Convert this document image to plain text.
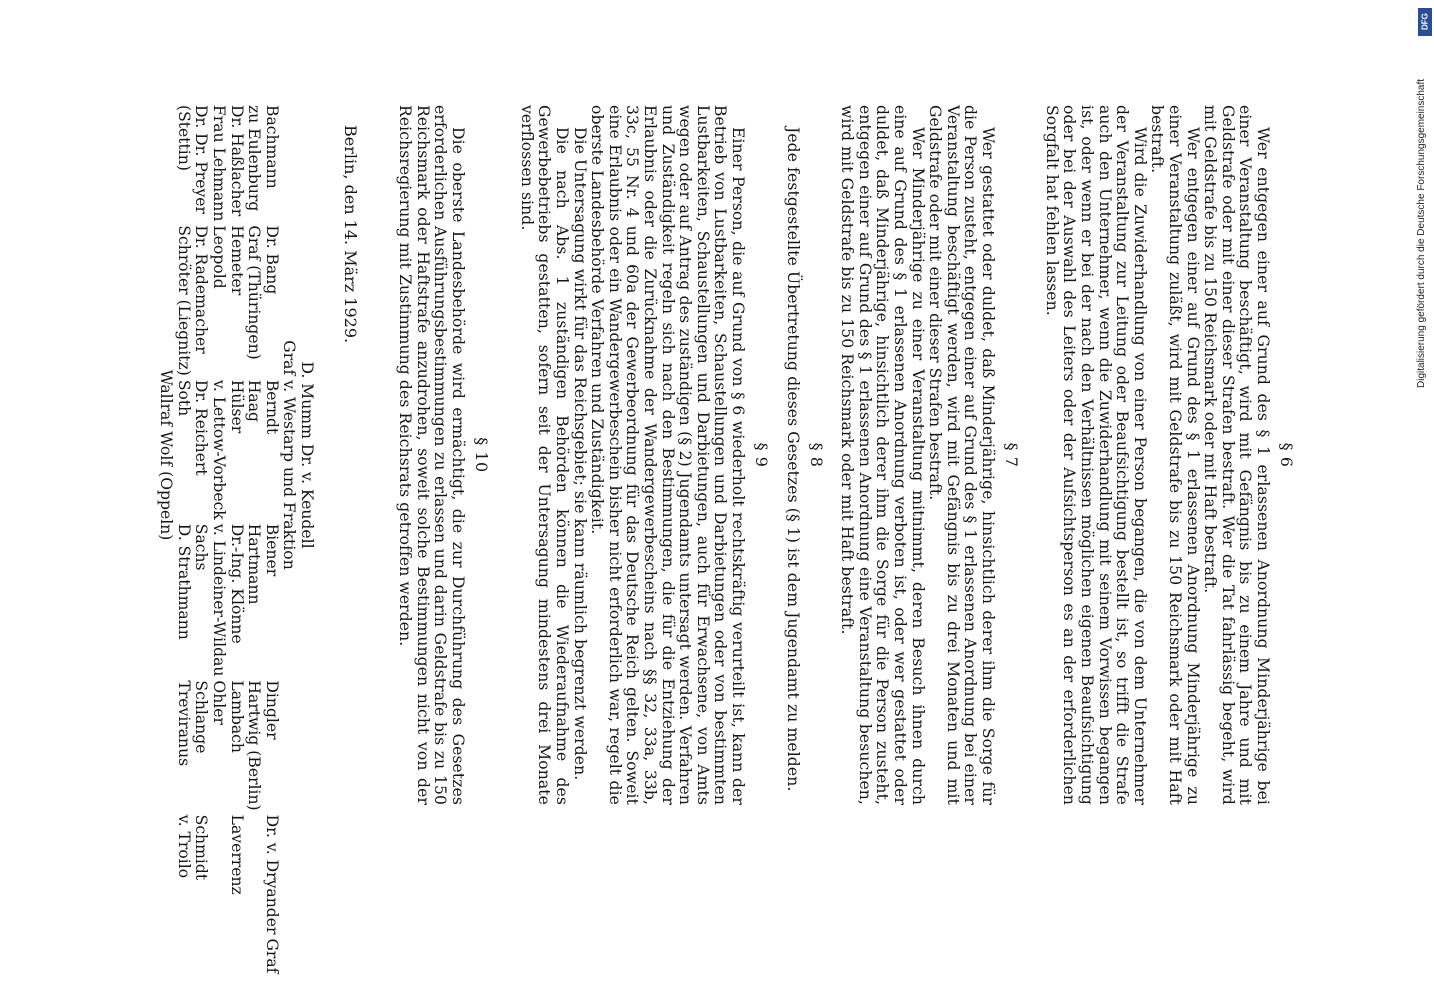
§ 6

Wer entgegen einer auf Grund des § 1 erlassenen Anordnung Minderjährige bei einer Veranstaltung beschäftigt, wird mit Gefängnis bis zu einem Jahre und mit Geldstrafe oder mit einer dieser Strafen bestraft. Wer die Tat fahrlässig begeht, wird mit Geldstrafe bis zu 150 Reichsmark oder mit Haft bestraft.

Wer entgegen einer auf Grund des § 1 erlassenen Anordnung Minderjährige zu einer Veranstaltung zuläßt, wird mit Geldstrafe bis zu 150 Reichsmark oder mit Haft bestraft.

Wird die Zuwiderhandlung von einer Person begangen, die von dem Unternehmer der Veranstaltung zur Leitung oder Beaufsichtigung bestellt ist, so trifft die Strafe auch den Unternehmer, wenn die Zuwiderhandlung mit seinem Vorwissen begangen ist, oder wenn er bei der nach den Verhältnissen möglichen eigenen Beaufsichtigung oder bei der Auswahl des Leiters oder der Aufsichtsperson es an der erforderlichen Sorgfalt hat fehlen lassen.

§ 7

Wer gestattet oder duldet, daß Minderjährige, hinsichtlich derer ihm die Sorge für die Person zusteht, entgegen einer auf Grund des § 1 erlassenen Anordnung bei einer Veranstaltung beschäftigt werden, wird mit Gefängnis bis zu drei Monaten und mit Geldstrafe oder mit einer dieser Strafen bestraft.

Wer Minderjährige zu einer Veranstaltung mitnimmt, deren Besuch ihnen durch eine auf Grund des § 1 erlassenen Anordnung verboten ist, oder wer gestattet oder duldet, daß Minderjährige, hinsichtlich derer ihm die Sorge für die Person zusteht, entgegen einer auf Grund des § 1 erlassenen Anordnung eine Veranstaltung besuchen, wird mit Geldstrafe bis zu 150 Reichsmark oder mit Haft bestraft.

§ 8

Jede festgestellte Übertretung dieses Gesetzes (§ 1) ist dem Jugendamt zu melden.

§ 9

Einer Person, die auf Grund von § 6 wiederholt rechtskräftig verurteilt ist, kann der Betrieb von Lustbarkeiten, Schaustellungen und Darbietungen oder von bestimmten Lustbarkeiten, Schaustellungen und Darbietungen, auch für Erwachsene, von Amts wegen oder auf Antrag des zuständigen (§ 2) Jugendamts untersagt werden. Verfahren und Zuständigkeit regeln sich nach den Bestimmungen, die für die Entziehung der Erlaubnis oder die Zurücknahme der Wandergewerbescheins nach §§ 32, 33a, 33b, 33c, 55 Nr. 4 und 60a der Gewerbeordnung für das Deutsche Reich gelten. Soweit eine Erlaubnis oder ein Wandergewerbeschein bisher nicht erforderlich war, regelt die oberste Landesbehörde Verfahren und Zuständigkeit.

Die Untersagung wirkt für das Reichsgebiet; sie kann räumlich begrenzt werden.

Die nach Abs. 1 zuständigen Behörden können die Wiederaufnahme des Gewerbebetriebs gestatten, sofern seit der Untersagung mindestens drei Monate verflossen sind.

§ 10

Die oberste Landesbehörde wird ermächtigt, die zur Durchführung des Gesetzes erforderlichen Ausführungsbestimmungen zu erlassen und darin Geldstrafe bis zu 150 Reichsmark oder Haftstrafe anzudrohen, soweit solche Bestimmungen nicht von der Reichsregierung mit Zustimmung des Reichsrats getroffen werden.

Berlin, den 14. März 1929.
D. Mumm Dr. v. Keudell
Graf v. Westarp und Fraktion
Bachmann
Dr. Bang
Berndt
Biener
Dingler
Dr. v. Dryander
Graf
zu Eulenburg
Graf (Thüringen)
Haag
Hartmann
Hartwig (Berlin)
Dr. Haßlacher
Hemeter
Hülser
Dr.-Ing. Klönne
Lambach
Laverrenz
Frau Lehmann
Leopold
v. Lettow-Vorbeck
v. Lindeiner-Wildau
Ohler
Dr. Dr. Preyer
Dr. Rademacher
Dr. Reichert
Sachs
Schlange
Schmidt
(Stettin)
Schröter (Liegnitz)
Soth
D. Strathmann
Treviranus
v. Troilo
Wallraf Wolf (Oppeln)
Digitalisierung gefördert durch die Deutsche Forschungsgemeinschaft
DFG
